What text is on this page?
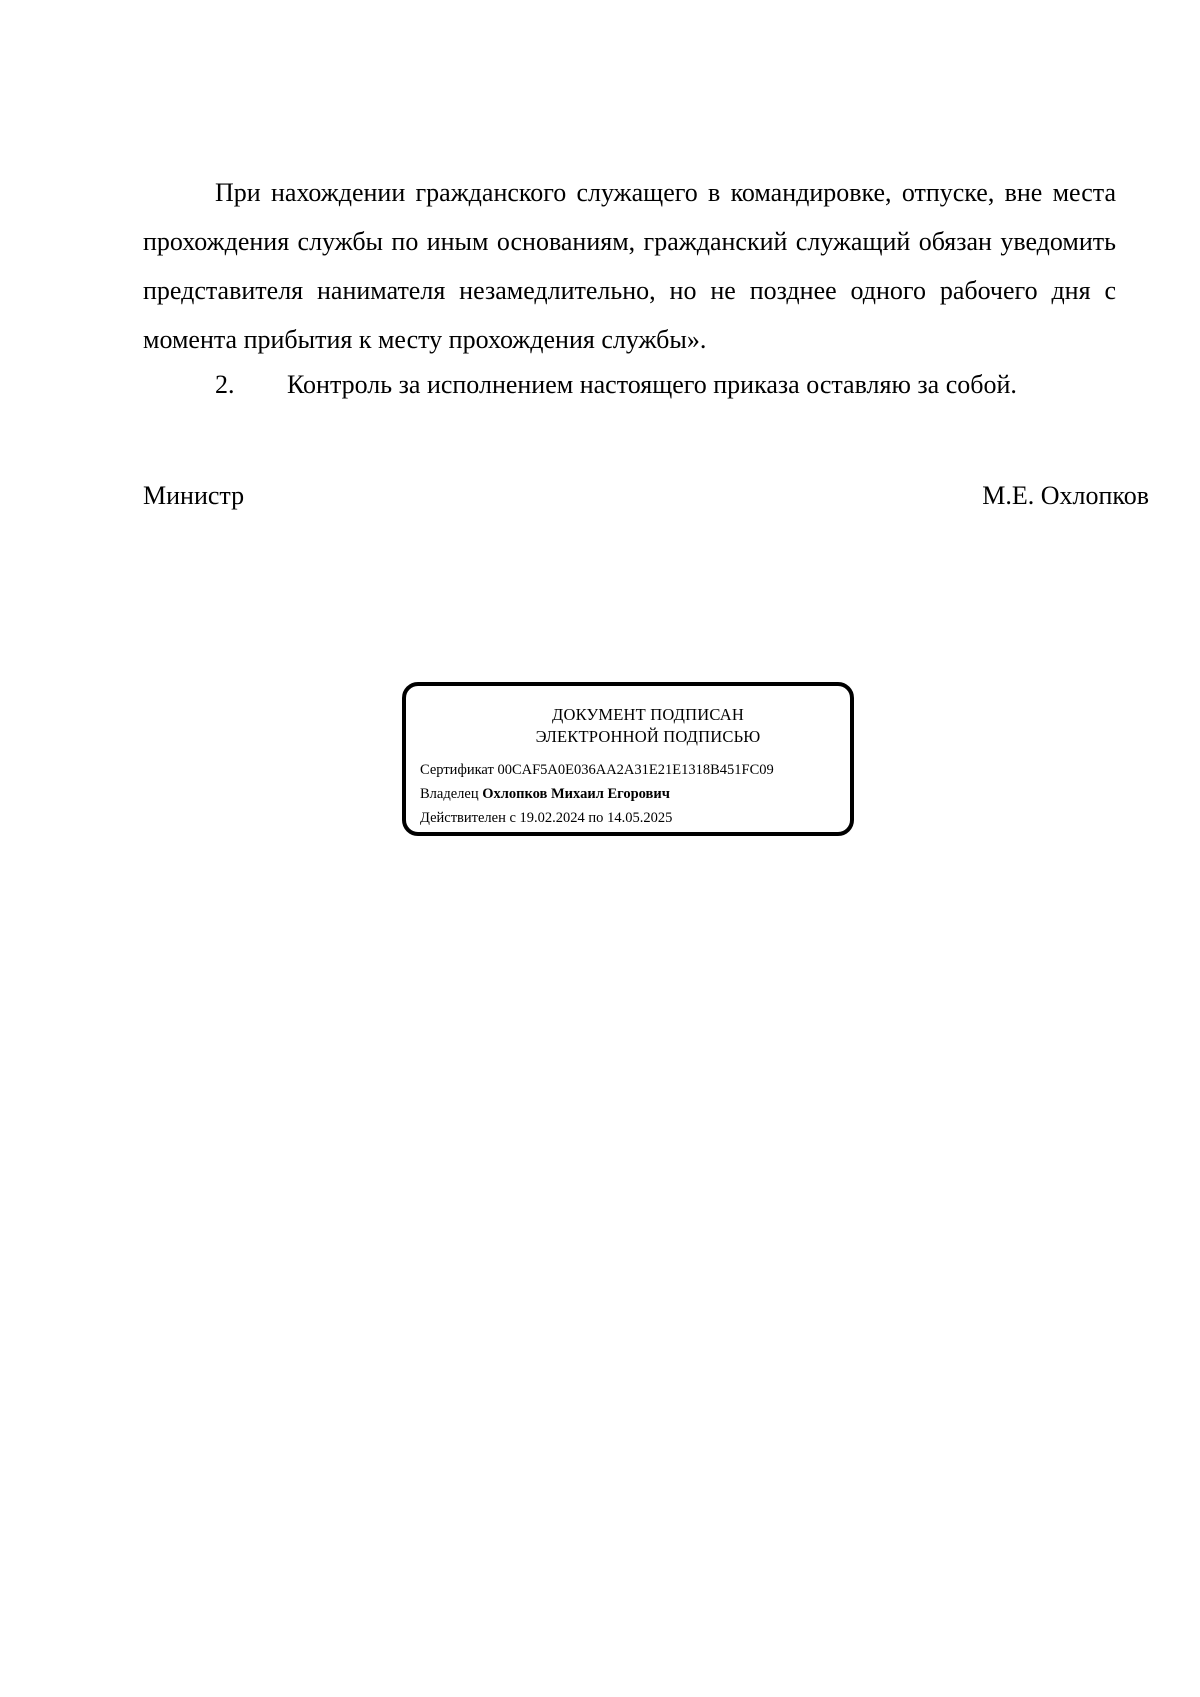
При нахождении гражданского служащего в командировке, отпуске, вне места прохождения службы по иным основаниям, гражданский служащий обязан уведомить представителя нанимателя незамедлительно, но не позднее одного рабочего дня с момента прибытия к месту прохождения службы».

2. Контроль за исполнением настоящего приказа оставляю за собой.

Министр	М.Е. Охлопков
ДОКУМЕНТ ПОДПИСАН
ЭЛЕКТРОННОЙ ПОДПИСЬЮ
Сертификат 00CAF5A0E036AA2A31E21E1318B451FC09
Владелец Охлопков Михаил Егорович
Действителен с 19.02.2024 по 14.05.2025
